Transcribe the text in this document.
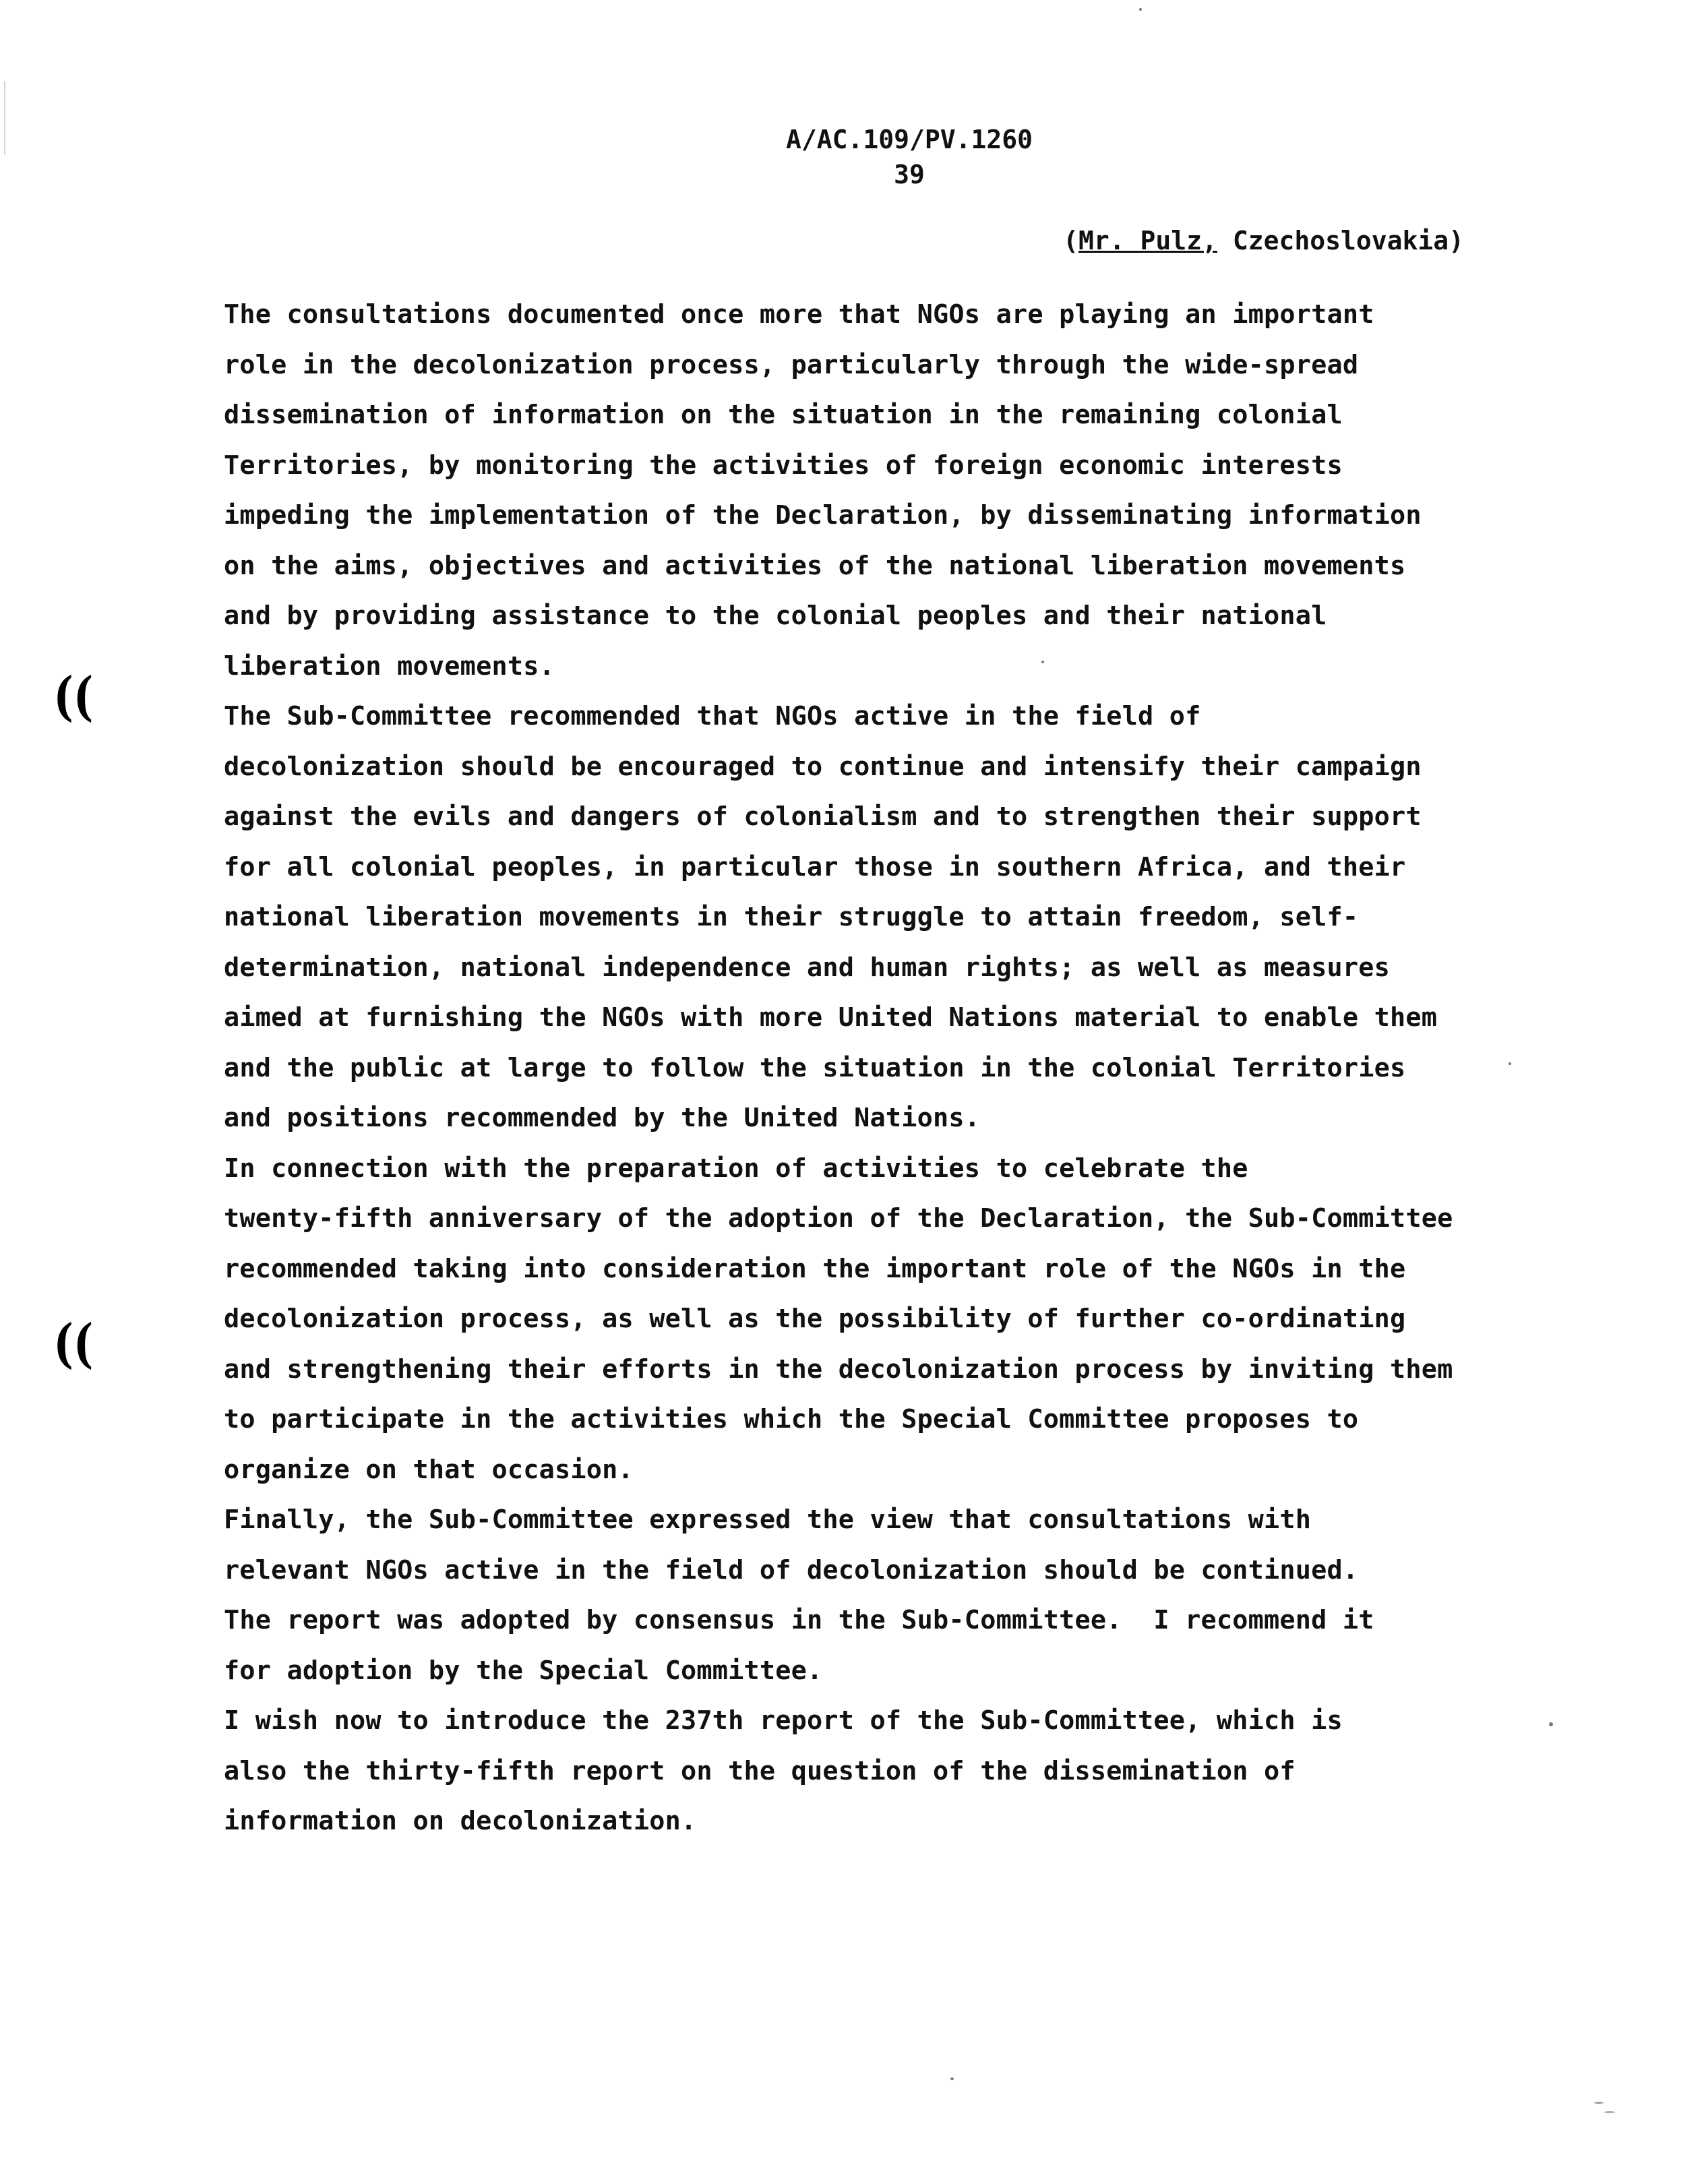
A/AC.109/PV.1260
39
(Mr. Pulz, Czechoslovakia)

The consultations documented once more that NGOs are playing an important
role in the decolonization process, particularly through the wide-spread
dissemination of information on the situation in the remaining colonial
Territories, by monitoring the activities of foreign economic interests
impeding the implementation of the Declaration, by disseminating information
on the aims, objectives and activities of the national liberation movements
and by providing assistance to the colonial peoples and their national
liberation movements.

The Sub-Committee recommended that NGOs active in the field of
decolonization should be encouraged to continue and intensify their campaign
against the evils and dangers of colonialism and to strengthen their support
for all colonial peoples, in particular those in southern Africa, and their
national liberation movements in their struggle to attain freedom, self-
determination, national independence and human rights; as well as measures
aimed at furnishing the NGOs with more United Nations material to enable them
and the public at large to follow the situation in the colonial Territories
and positions recommended by the United Nations.

In connection with the preparation of activities to celebrate the
twenty-fifth anniversary of the adoption of the Declaration, the Sub-Committee
recommended taking into consideration the important role of the NGOs in the
decolonization process, as well as the possibility of further co-ordinating
and strengthening their efforts in the decolonization process by inviting them
to participate in the activities which the Special Committee proposes to
organize on that occasion.

Finally, the Sub-Committee expressed the view that consultations with
relevant NGOs active in the field of decolonization should be continued.

The report was adopted by consensus in the Sub-Committee.  I recommend it
for adoption by the Special Committee.

I wish now to introduce the 237th report of the Sub-Committee, which is
also the thirty-fifth report on the question of the dissemination of
information on decolonization.

((
((
